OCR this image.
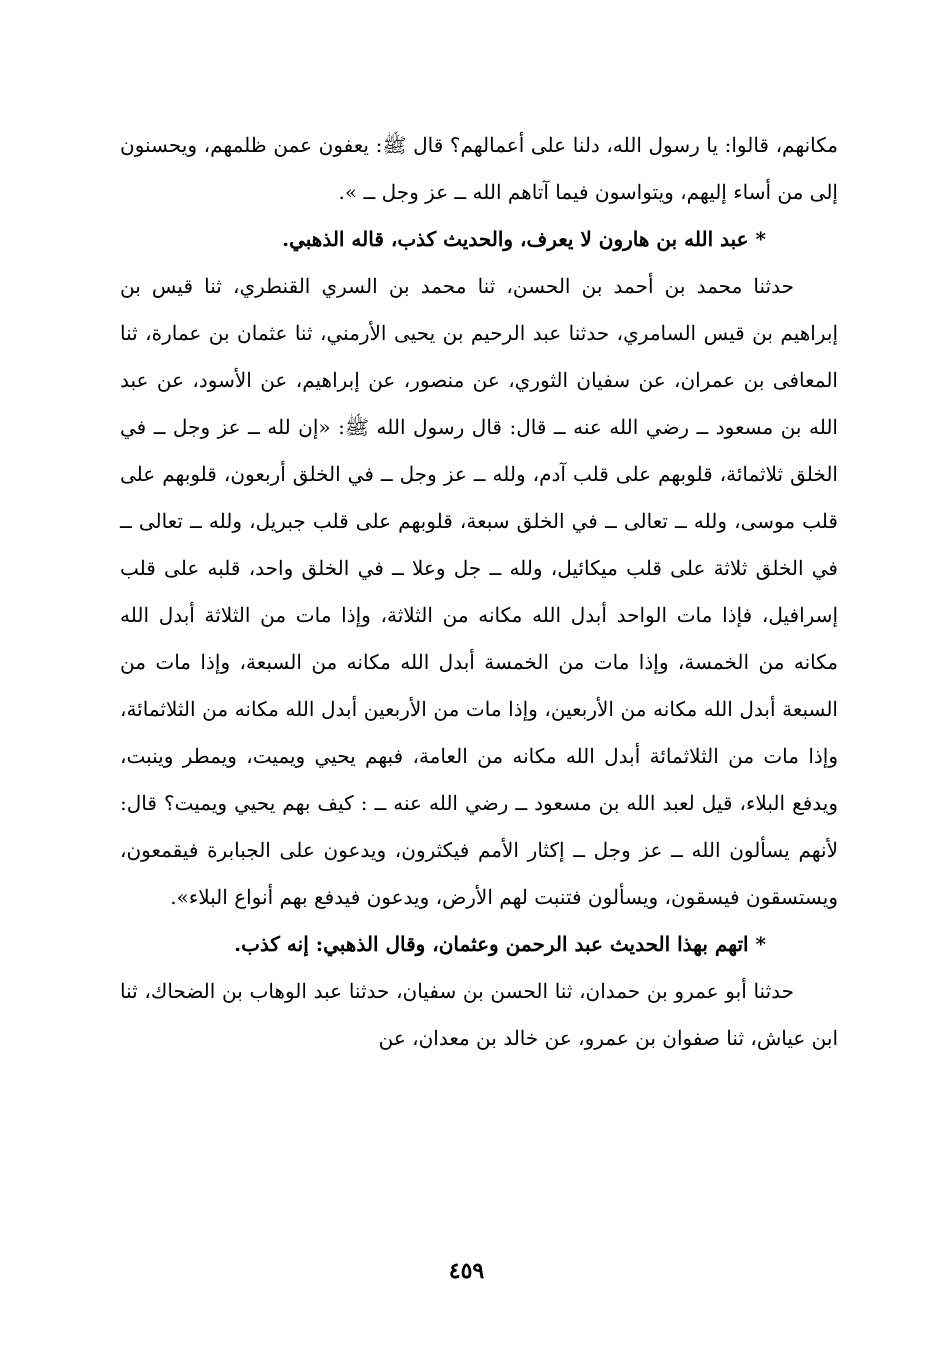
مكانهم، قالوا: يا رسول الله، دلنا على أعمالهم؟ قال ﷺ: يعفون عمن ظلمهم، ويحسنون إلى من أساء إليهم، ويتواسون فيما آتاهم الله ــ عز وجل ــ ».

* عبد الله بن هارون لا يعرف، والحديث كذب، قاله الذهبي.

حدثنا محمد بن أحمد بن الحسن، ثنا محمد بن السري القنطري، ثنا قيس بن إبراهيم بن قيس السامري، حدثنا عبد الرحيم بن يحيى الأرمني، ثنا عثمان بن عمارة، ثنا المعافى بن عمران، عن سفيان الثوري، عن منصور، عن إبراهيم، عن الأسود، عن عبد الله بن مسعود ــ رضي الله عنه ــ قال: قال رسول الله ﷺ: «إن لله ــ عز وجل ــ في الخلق ثلاثمائة، قلوبهم على قلب آدم، ولله ــ عز وجل ــ في الخلق أربعون، قلوبهم على قلب موسى، ولله ــ تعالى ــ في الخلق سبعة، قلوبهم على قلب جبريل، ولله ــ تعالى ــ في الخلق ثلاثة على قلب ميكائيل، ولله ــ جل وعلا ــ في الخلق واحد، قلبه على قلب إسرافيل، فإذا مات الواحد أبدل الله مكانه من الثلاثة، وإذا مات من الثلاثة أبدل الله مكانه من الخمسة، وإذا مات من الخمسة أبدل الله مكانه من السبعة، وإذا مات من السبعة أبدل الله مكانه من الأربعين، وإذا مات من الأربعين أبدل الله مكانه من الثلاثمائة، وإذا مات من الثلاثمائة أبدل الله مكانه من العامة، فبهم يحيي ويميت، ويمطر وينبت، ويدفع البلاء، قيل لعبد الله بن مسعود ــ رضي الله عنه ــ : كيف بهم يحيي ويميت؟ قال: لأنهم يسألون الله ــ عز وجل ــ إكثار الأمم فيكثرون، ويدعون على الجبابرة فيقمعون، ويستسقون فيسقون، ويسألون فتنبت لهم الأرض، ويدعون فيدفع بهم أنواع البلاء».

* اتهم بهذا الحديث عبد الرحمن وعثمان، وقال الذهبي: إنه كذب.

حدثنا أبو عمرو بن حمدان، ثنا الحسن بن سفيان، حدثنا عبد الوهاب بن الضحاك، ثنا ابن عياش، ثنا صفوان بن عمرو، عن خالد بن معدان، عن

٤٥٩
